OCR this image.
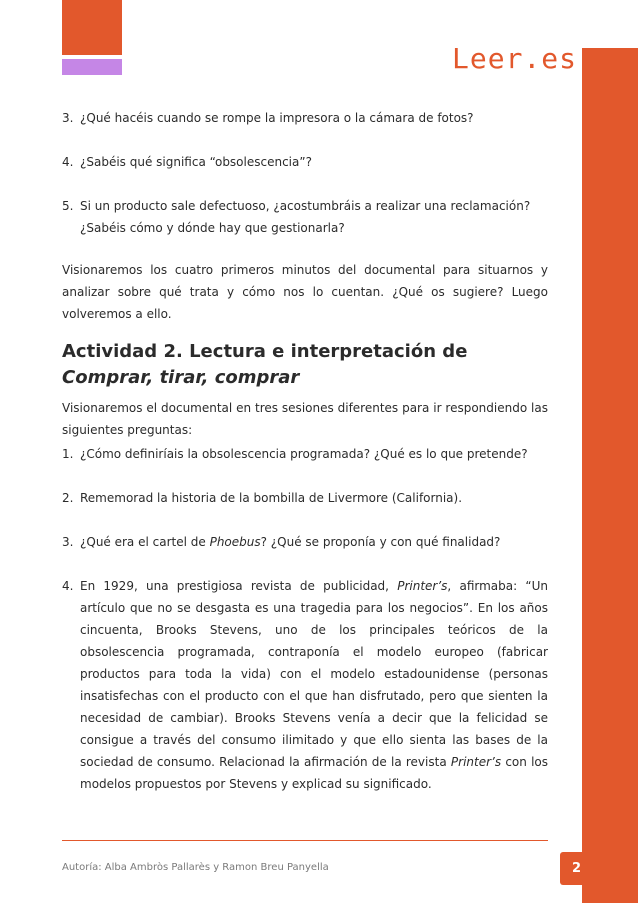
Leer.es

3. ¿Qué hacéis cuando se rompe la impresora o la cámara de fotos?

4. ¿Sabéis qué significa “obsolescencia”?

5. Si un producto sale defectuoso, ¿acostumbráis a realizar una reclamación? ¿Sabéis cómo y dónde hay que gestionarla?

Visionaremos los cuatro primeros minutos del documental para situarnos y analizar sobre qué trata y cómo nos lo cuentan. ¿Qué os sugiere? Luego volveremos a ello.

Actividad 2. Lectura e interpretación de Comprar, tirar, comprar

Visionaremos el documental en tres sesiones diferentes para ir respondiendo las siguientes preguntas:

1. ¿Cómo definiríais la obsolescencia programada? ¿Qué es lo que pretende?

2. Rememorad la historia de la bombilla de Livermore (California).

3. ¿Qué era el cartel de Phoebus? ¿Qué se proponía y con qué finalidad?

4. En 1929, una prestigiosa revista de publicidad, Printer’s, afirmaba: “Un artículo que no se desgasta es una tragedia para los negocios”. En los años cincuenta, Brooks Stevens, uno de los principales teóricos de la obsolescencia programada, contraponía el modelo europeo (fabricar productos para toda la vida) con el modelo estadounidense (personas insatisfechas con el producto con el que han disfrutado, pero que sienten la necesidad de cambiar). Brooks Stevens venía a decir que la felicidad se consigue a través del consumo ilimitado y que ello sienta las bases de la sociedad de consumo. Relacionad la afirmación de la revista Printer’s con los modelos propuestos por Stevens y explicad su significado.

Autoría: Alba Ambròs Pallarès y Ramon Breu Panyella	2
